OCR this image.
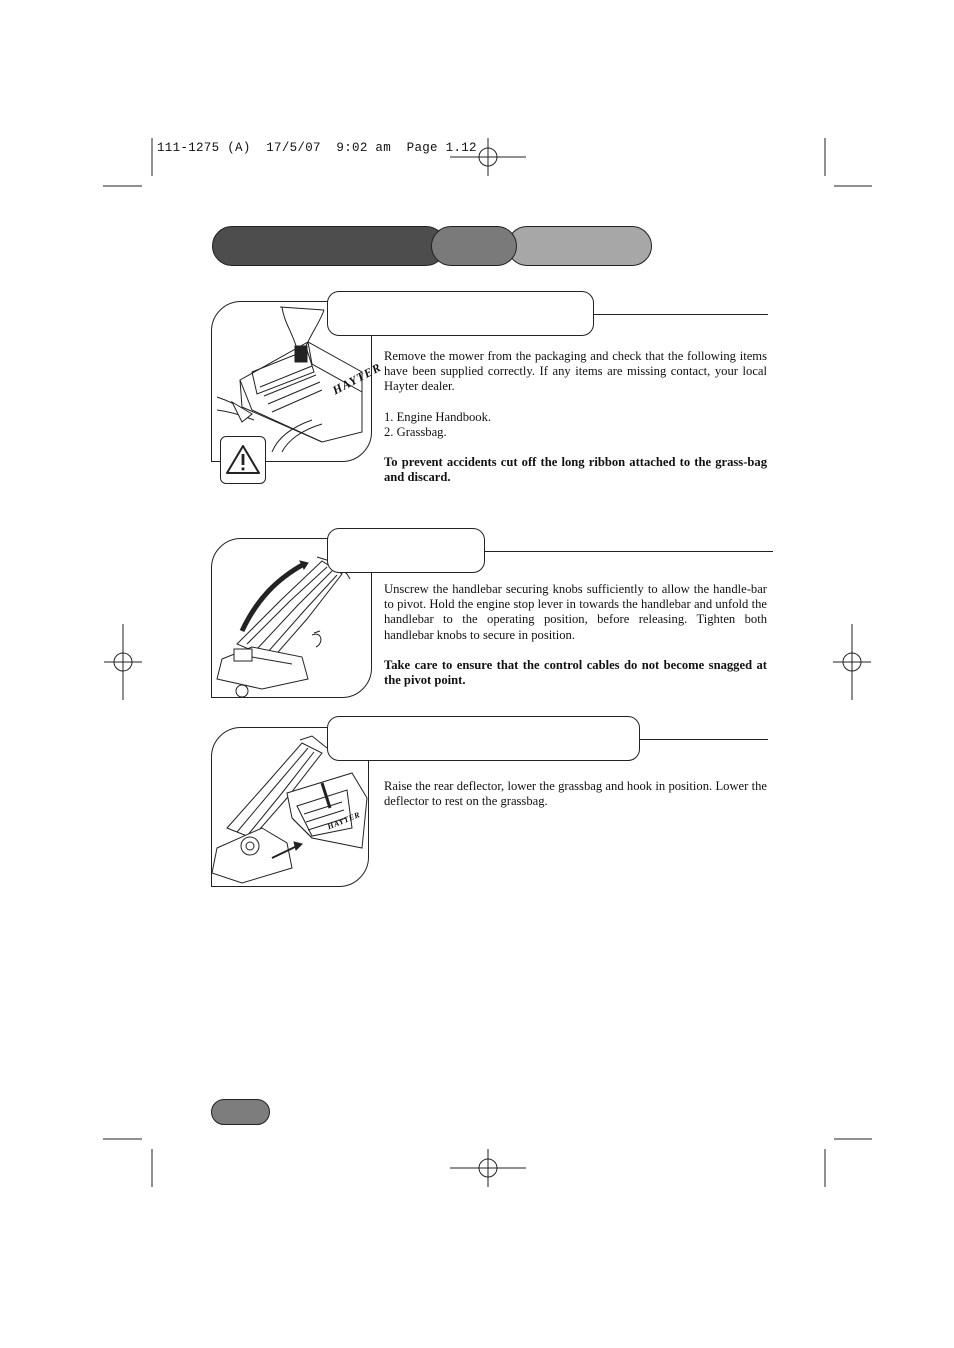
111-1275 (A)  17/5/07  9:02 am  Page 1.12
HAYTER

Remove the mower from the packaging and check that the following items have been supplied correctly. If any items are missing contact, your local Hayter dealer.

1. Engine Handbook.
2. Grassbag.

To prevent accidents cut off the long ribbon attached to the grass-bag and discard.

Unscrew the handlebar securing knobs sufficiently to allow the handle-bar to pivot. Hold the engine stop lever in towards the handlebar and unfold the handlebar to the operating position, before releasing. Tighten both handlebar knobs to secure in position.

Take care to ensure that the control cables do not become snagged at the pivot point.

HAYTER

Raise the rear deflector, lower the grassbag and hook in position. Lower the deflector to rest on the grassbag.
